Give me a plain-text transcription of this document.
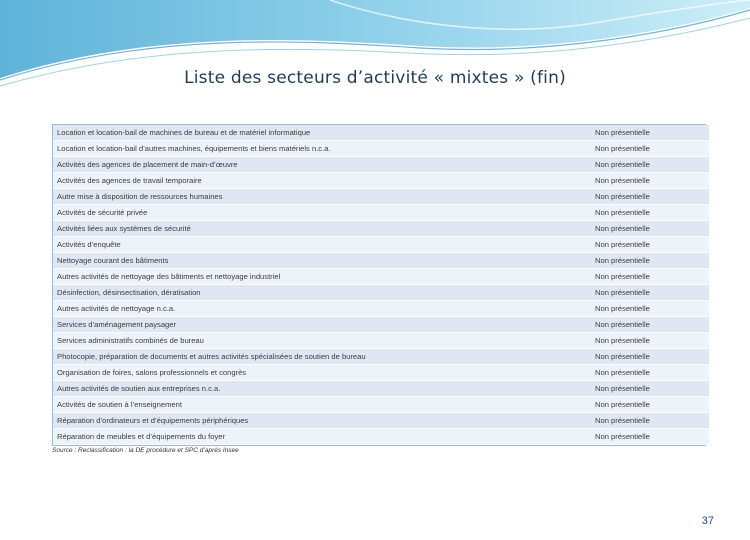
Liste des secteurs d’activité « mixtes » (fin)
Location et location-bail de machines de bureau et de matériel informatique	Non présentielle
Location et location-bail d’autres machines, équipements et biens matériels n.c.a.	Non présentielle
Activités des agences de placement de main-d’œuvre	Non présentielle
Activités des agences de travail temporaire	Non présentielle
Autre mise à disposition de ressources humaines	Non présentielle
Activités de sécurité privée	Non présentielle
Activités liées aux systèmes de sécurité	Non présentielle
Activités d’enquête	Non présentielle
Nettoyage courant des bâtiments	Non présentielle
Autres activités de nettoyage des bâtiments et nettoyage industriel	Non présentielle
Désinfection, désinsectisation, dératisation	Non présentielle
Autres activités de nettoyage n.c.a.	Non présentielle
Services d’aménagement paysager	Non présentielle
Services administratifs combinés de bureau	Non présentielle
Photocopie, préparation de documents et autres activités spécialisées de soutien de bureau	Non présentielle
Organisation de foires, salons professionnels et congrès	Non présentielle
Autres activités de soutien aux entreprises n.c.a.	Non présentielle
Activités de soutien à l’enseignement	Non présentielle
Réparation d’ordinateurs et d’équipements périphériques	Non présentielle
Réparation de meubles et d’équipements du foyer	Non présentielle
Source : Reclassification : la DE procédure et SPC d’après Insee
37
